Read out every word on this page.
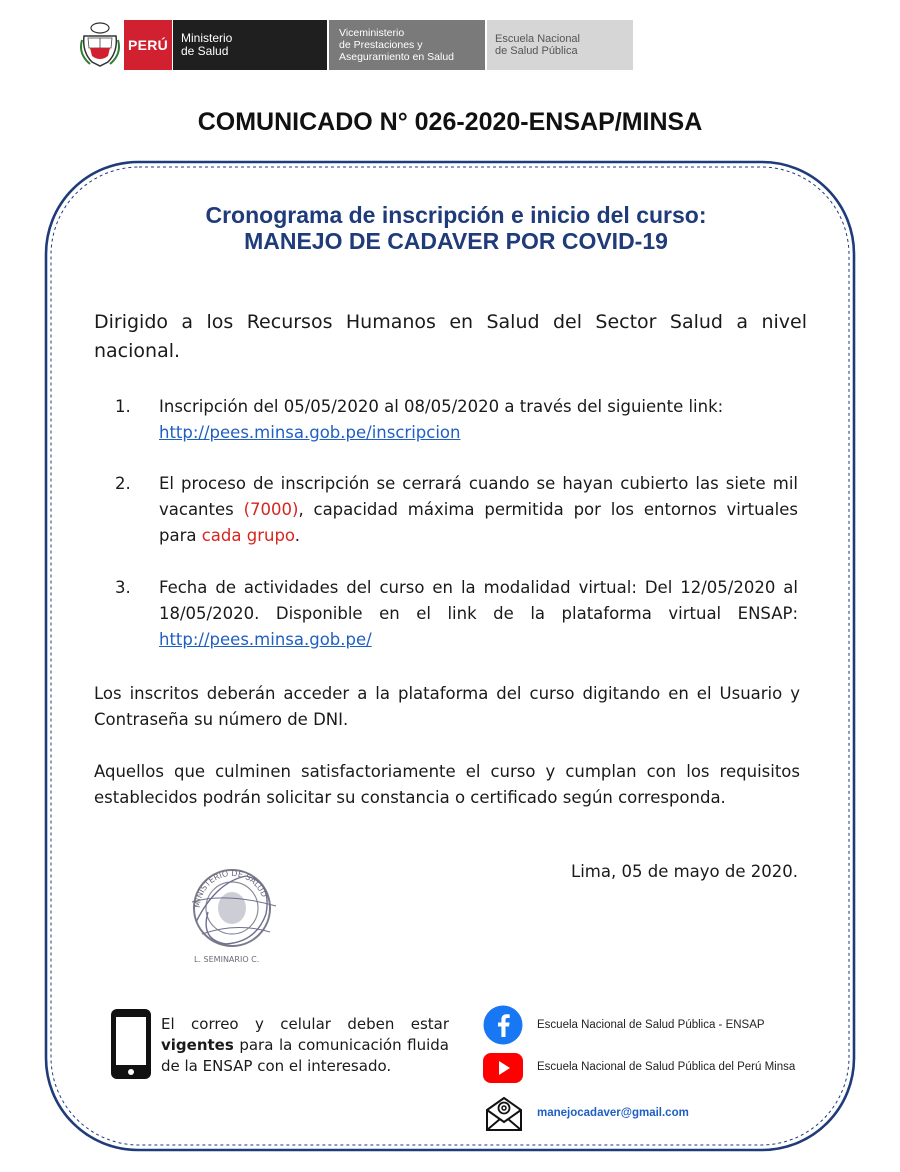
PERÚ Ministerio
de Salud
Viceministerio
de Prestaciones y
Aseguramiento en Salud
Escuela Nacional
de Salud Pública
COMUNICADO N° 026-2020-ENSAP/MINSA
Cronograma de inscripción e inicio del curso:
MANEJO DE CADAVER POR COVID-19
Dirigido a los Recursos Humanos en Salud del Sector Salud a nivel nacional.
1.	Inscripción del 05/05/2020 al 08/05/2020 a través del siguiente link:
http://pees.minsa.gob.pe/inscripcion
2.	El proceso de inscripción se cerrará cuando se hayan cubierto las siete mil vacantes (7000), capacidad máxima permitida por los entornos virtuales para cada grupo.
3.	Fecha de actividades del curso en la modalidad virtual: Del 12/05/2020 al 18/05/2020. Disponible en el link de la plataforma virtual ENSAP: http://pees.minsa.gob.pe/
Los inscritos deberán acceder a la plataforma del curso digitando en el Usuario y Contraseña su número de DNI.
Aquellos que culminen satisfactoriamente el curso y cumplan con los requisitos establecidos podrán solicitar su constancia o certificado según corresponda.
Lima, 05 de mayo de 2020.
MINISTERIO DE SALUD
L. SEMINARIO C.
El correo y celular deben estar vigentes para la comunicación fluida de la ENSAP con el interesado.
Escuela Nacional de Salud Pública - ENSAP
Escuela Nacional de Salud Pública del Perú Minsa
manejocadaver@gmail.com
